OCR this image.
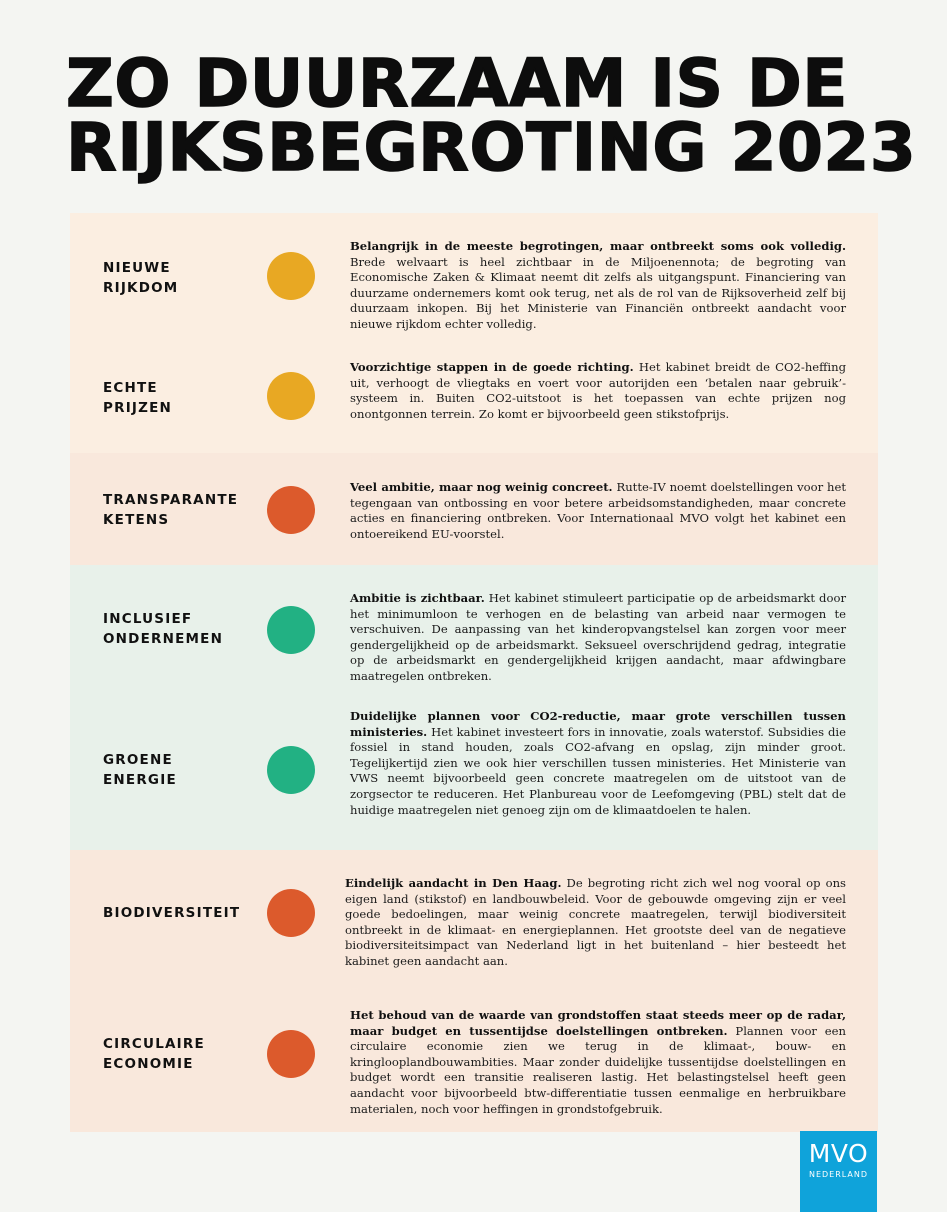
ZO DUURZAAM IS DE
RIJKSBEGROTING 2023
NIEUWE
RIJKDOM

Belangrijk in de meeste begrotingen, maar ontbreekt soms ook volledig. Brede welvaart is heel zichtbaar in de Miljoenennota; de begroting van Economische Zaken & Klimaat neemt dit zelfs als uitgangspunt. Financiering van duurzame ondernemers komt ook terug, net als de rol van de Rijksoverheid zelf bij duurzaam inkopen. Bij het Ministerie van Financiën ontbreekt aandacht voor nieuwe rijkdom echter volledig.

ECHTE
PRIJZEN

Voorzichtige stappen in de goede richting. Het kabinet breidt de CO2-heffing uit, verhoogt de vliegtaks en voert voor autorijden een ‘betalen naar gebruik’-systeem in. Buiten CO2-uitstoot is het toepassen van echte prijzen nog onontgonnen terrein. Zo komt er bijvoorbeeld geen stikstofprijs.

TRANSPARANTE
KETENS

Veel ambitie, maar nog weinig concreet. Rutte-IV noemt doelstellingen voor het tegengaan van ontbossing en voor betere arbeidsomstandigheden, maar concrete acties en financiering ontbreken. Voor Internationaal MVO volgt het kabinet een ontoereikend EU-voorstel.

INCLUSIEF
ONDERNEMEN

Ambitie is zichtbaar. Het kabinet stimuleert participatie op de arbeidsmarkt door het minimumloon te verhogen en de belasting van arbeid naar vermogen te verschuiven. De aanpassing van het kinderopvangstelsel kan zorgen voor meer gendergelijkheid op de arbeidsmarkt. Seksueel overschrijdend gedrag, integratie op de arbeidsmarkt en gendergelijkheid krijgen aandacht, maar afdwingbare maatregelen ontbreken.

GROENE
ENERGIE

Duidelijke plannen voor CO2-reductie, maar grote verschillen tussen ministeries. Het kabinet investeert fors in innovatie, zoals waterstof. Subsidies die fossiel in stand houden, zoals CO2-afvang en opslag, zijn minder groot. Tegelijkertijd zien we ook hier verschillen tussen ministeries. Het Ministerie van VWS neemt bijvoorbeeld geen concrete maatregelen om de uitstoot van de zorgsector te reduceren. Het Planbureau voor de Leefomgeving (PBL) stelt dat de huidige maatregelen niet genoeg zijn om de klimaatdoelen te halen.

BIODIVERSITEIT

Eindelijk aandacht in Den Haag. De begroting richt zich wel nog vooral op ons eigen land (stikstof) en landbouwbeleid. Voor de gebouwde omgeving zijn er veel goede bedoelingen, maar weinig concrete maatregelen, terwijl biodiversiteit ontbreekt in de klimaat- en energieplannen. Het grootste deel van de negatieve biodiversiteitsimpact van Nederland ligt in het buitenland – hier besteedt het kabinet geen aandacht aan.

CIRCULAIRE
ECONOMIE

Het behoud van de waarde van grondstoffen staat steeds meer op de radar, maar budget en tussentijdse doelstellingen ontbreken. Plannen voor een circulaire economie zien we terug in de klimaat-, bouw- en kringlooplandbouwambities. Maar zonder duidelijke tussentijdse doelstellingen en budget wordt een transitie realiseren lastig. Het belastingstelsel heeft geen aandacht voor bijvoorbeeld btw-differentiatie tussen eenmalige en herbruikbare materialen, noch voor heffingen in grondstofgebruik.

MVO
NEDERLAND
